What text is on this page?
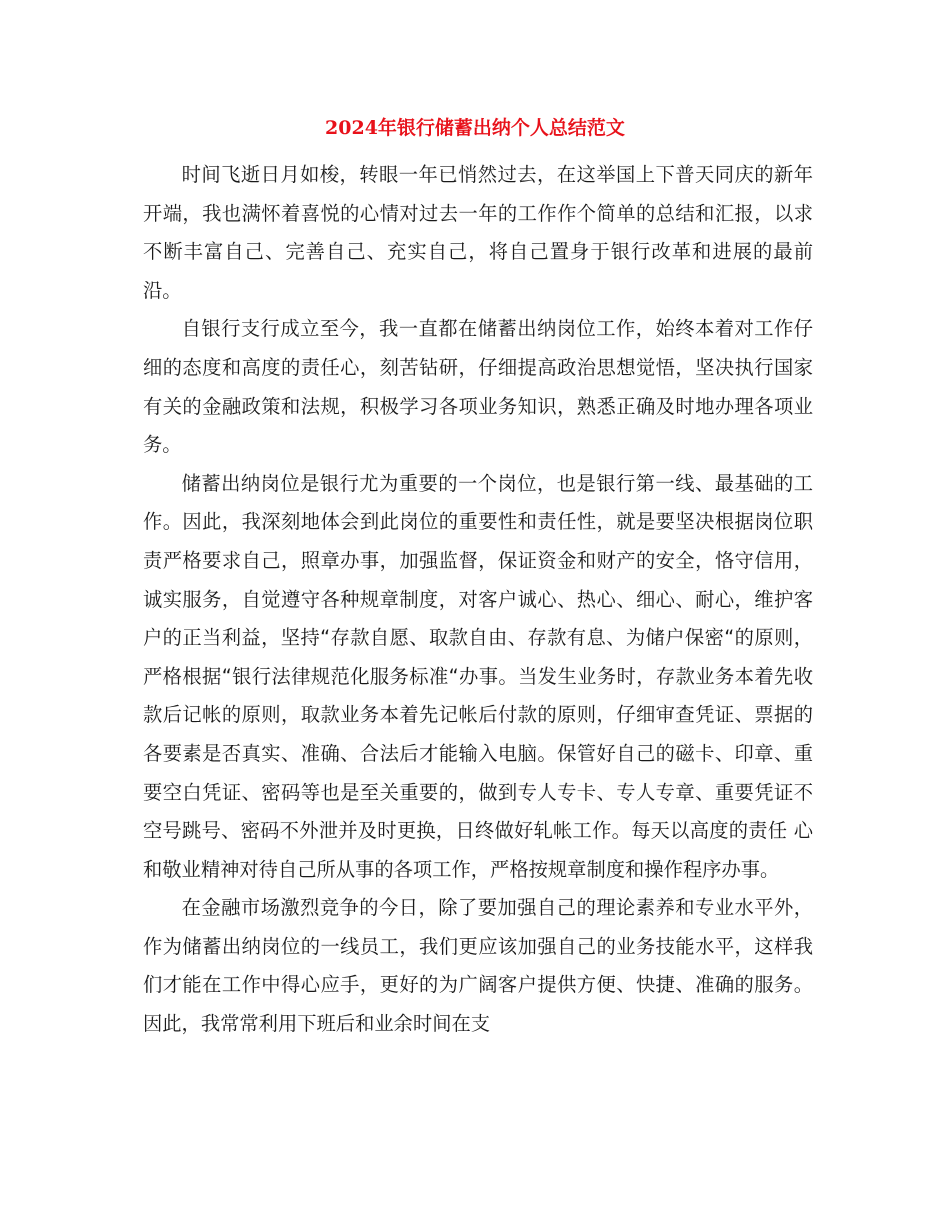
2024年银行储蓄出纳个人总结范文

时间飞逝日月如梭，转眼一年已悄然过去，在这举国上下普天同庆的新年开端，我也满怀着喜悦的心情对过去一年的工作作个简单的总结和汇报，以求不断丰富自己、完善自己、充实自己，将自己置身于银行改革和进展的最前沿。

自银行支行成立至今，我一直都在储蓄出纳岗位工作，始终本着对工作仔细的态度和高度的责任心，刻苦钻研，仔细提高政治思想觉悟，坚决执行国家有关的金融政策和法规，积极学习各项业务知识，熟悉正确及时地办理各项业务。

储蓄出纳岗位是银行尤为重要的一个岗位，也是银行第一线、最基础的工作。因此，我深刻地体会到此岗位的重要性和责任性，就是要坚决根据岗位职责严格要求自己，照章办事，加强监督，保证资金和财产的安全，恪守信用，诚实服务，自觉遵守各种规章制度，对客户诚心、热心、细心、耐心，维护客户的正当利益，坚持“存款自愿、取款自由、存款有息、为储户保密“的原则，严格根据“银行法律规范化服务标准“办事。当发生业务时，存款业务本着先收款后记帐的原则，取款业务本着先记帐后付款的原则，仔细审查凭证、票据的各要素是否真实、准确、合法后才能输入电脑。保管好自己的磁卡、印章、重要空白凭证、密码等也是至关重要的，做到专人专卡、专人专章、重要凭证不空号跳号、密码不外泄并及时更换，日终做好轧帐工作。每天以高度的责任 心和敬业精神对待自己所从事的各项工作，严格按规章制度和操作程序办事。

在金融市场激烈竞争的今日，除了要加强自己的理论素养和专业水平外，作为储蓄出纳岗位的一线员工，我们更应该加强自己的业务技能水平，这样我们才能在工作中得心应手，更好的为广阔客户提供方便、快捷、准确的服务。因此，我常常利用下班后和业余时间在支
